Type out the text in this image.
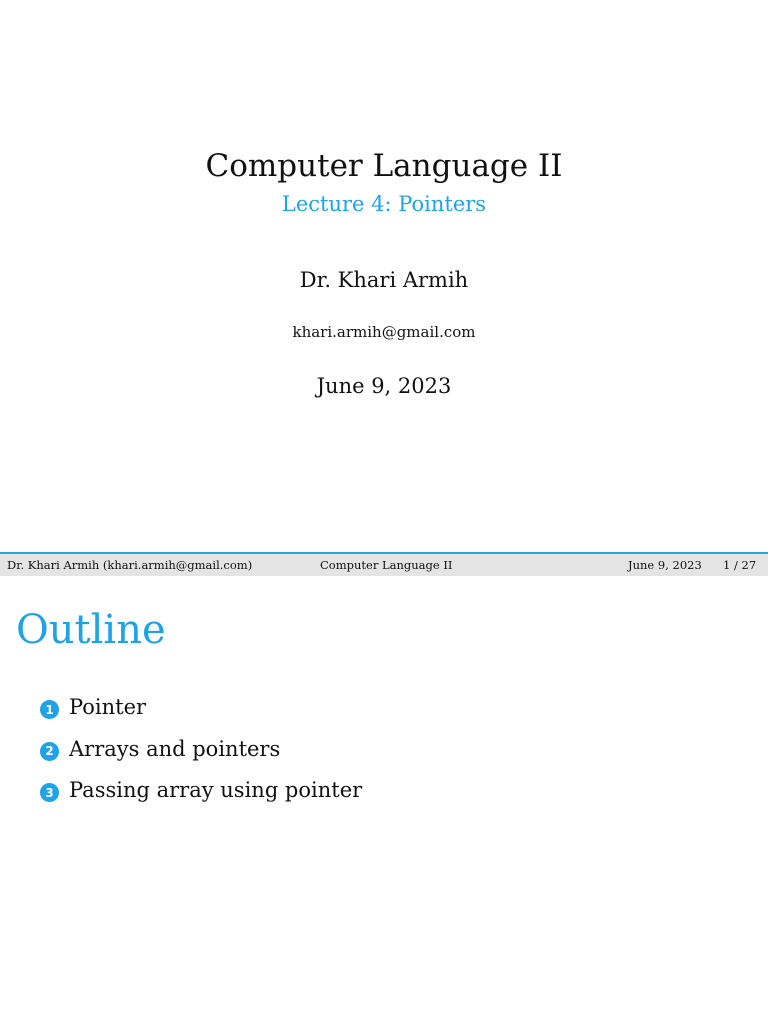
Computer Language II
Lecture 4: Pointers
Dr. Khari Armih
khari.armih@gmail.com
June 9, 2023
Dr. Khari Armih (khari.armih@gmail.com)	Computer Language II	June 9, 2023 1 / 27
Outline
1 Pointer
2 Arrays and pointers
3 Passing array using pointer
